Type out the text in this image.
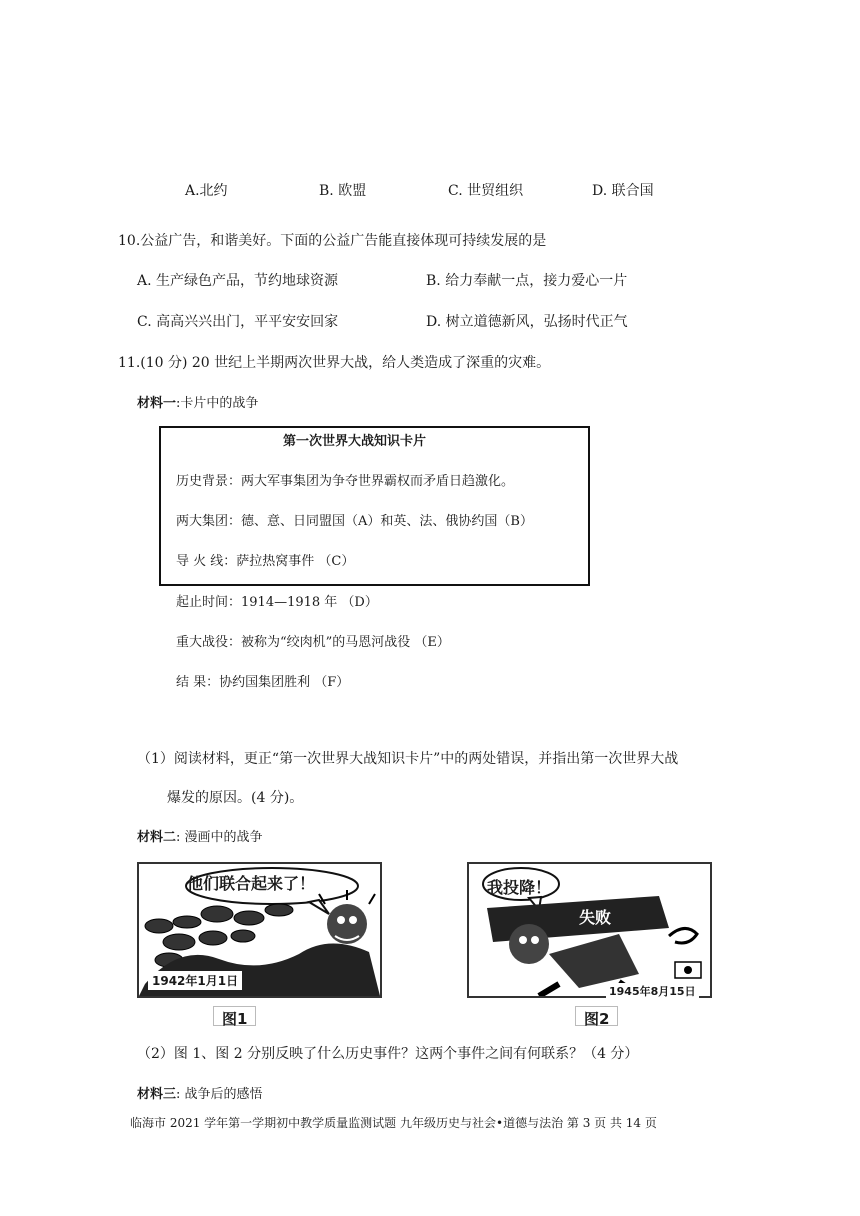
A.北约	B. 欧盟	C. 世贸组织	D. 联合国
10.公益广告，和谐美好。下面的公益广告能直接体现可持续发展的是
A. 生产绿色产品，节约地球资源	B. 给力奉献一点，接力爱心一片
C. 高高兴兴出门，平平安安回家	D. 树立道德新风，弘扬时代正气
11.(10 分) 20 世纪上半期两次世界大战，给人类造成了深重的灾难。
材料一:卡片中的战争
第一次世界大战知识卡片
历史背景：两大军事集团为争夺世界霸权而矛盾日趋激化。
两大集团：德、意、日同盟国（A）和英、法、俄协约国（B）
导 火 线：萨拉热窝事件 （C）
起止时间：1914—1918 年 （D）
重大战役：被称为“绞肉机”的马恩河战役 （E）
结 果：协约国集团胜利 （F）
（1）阅读材料，更正“第一次世界大战知识卡片”中的两处错误，并指出第一次世界大战
爆发的原因。(4 分)。
材料二: 漫画中的战争
他们联合起来了！
1942年1月1日
图1
我投降！
失败
1945年8月15日
图2
（2）图 1、图 2 分别反映了什么历史事件？这两个事件之间有何联系？（4 分）
材料三: 战争后的感悟
临海市 2021 学年第一学期初中教学质量监测试题 九年级历史与社会•道德与法治 第 3 页 共 14 页
